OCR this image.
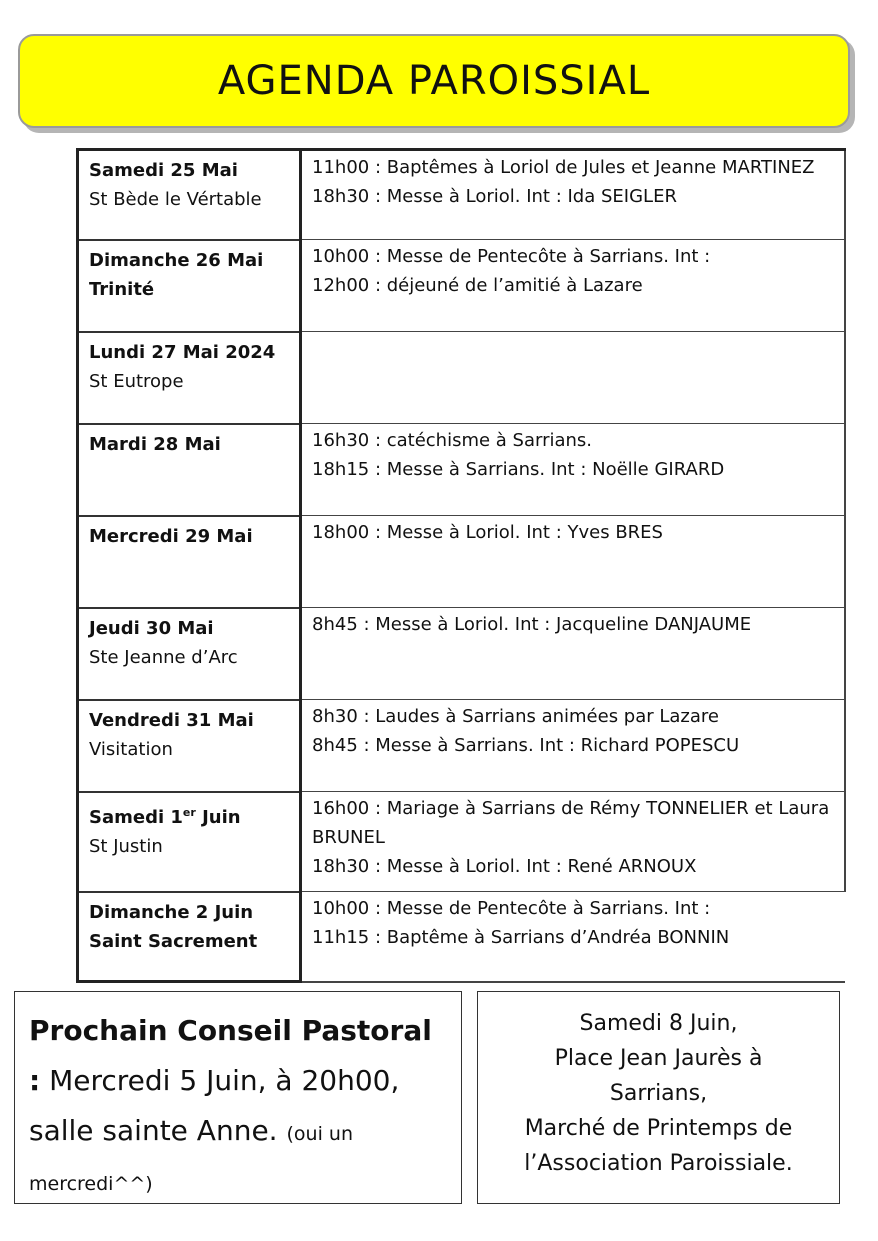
AGENDA PAROISSIAL
Samedi 25 Mai
St Bède le Vértable	11h00 : Baptêmes à Loriol de Jules et Jeanne MARTINEZ
18h30 : Messe à Loriol. Int : Ida SEIGLER

Dimanche 26 Mai
Trinité	10h00 : Messe de Pentecôte à Sarrians. Int :
12h00 : déjeuné de l’amitié à Lazare

Lundi 27 Mai 2024
St Eutrope	

Mardi 28 Mai	16h30 : catéchisme à Sarrians.
18h15 : Messe à Sarrians. Int : Noëlle GIRARD

Mercredi 29 Mai	18h00 : Messe à Loriol. Int : Yves BRES

Jeudi 30 Mai
Ste Jeanne d’Arc	8h45 : Messe à Loriol. Int : Jacqueline DANJAUME

Vendredi 31 Mai
Visitation	8h30 : Laudes à Sarrians animées par Lazare
8h45 : Messe à Sarrians. Int : Richard POPESCU

Samedi 1er Juin
St Justin	16h00 : Mariage à Sarrians de Rémy TONNELIER et Laura BRUNEL
18h30 : Messe à Loriol. Int : René ARNOUX

Dimanche 2 Juin
Saint Sacrement	10h00 : Messe de Pentecôte à Sarrians. Int :
11h15 : Baptême à Sarrians d’Andréa BONNIN
Prochain Conseil Pastoral : Mercredi 5 Juin, à 20h00, salle sainte Anne. (oui un mercredi^^)
Samedi 8 Juin,
Place Jean Jaurès à
Sarrians,
Marché de Printemps de
l’Association Paroissiale.
